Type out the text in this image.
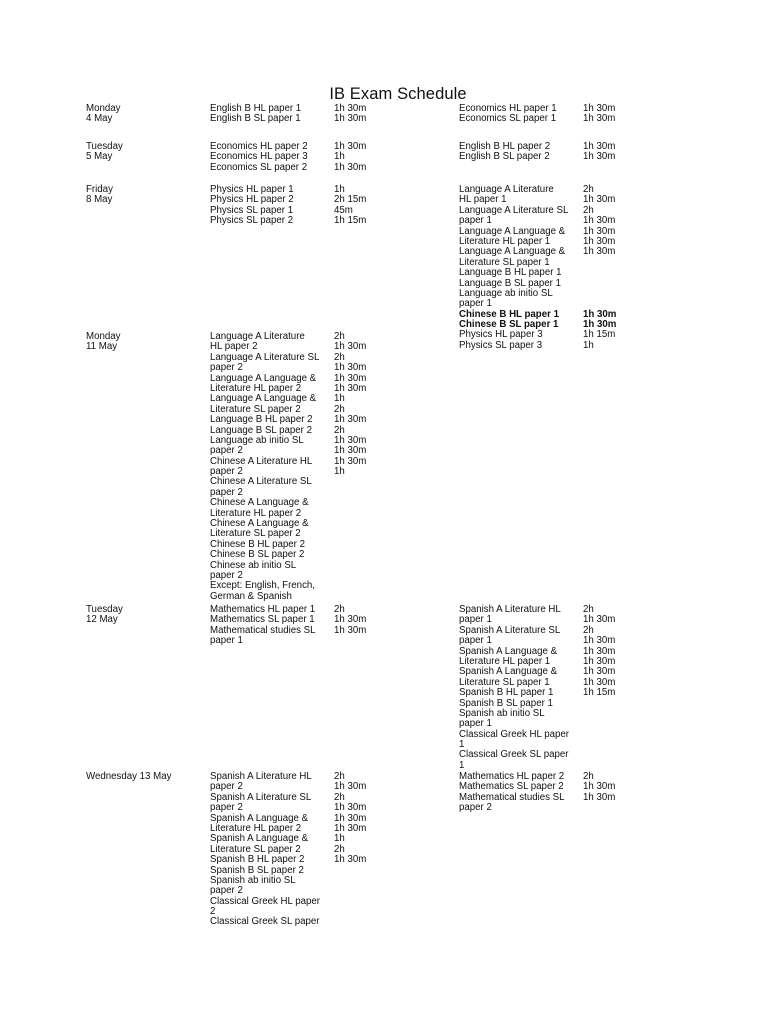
IB Exam Schedule
Monday
4 May
English B HL paper 1
English B SL paper 1
1h 30m
1h 30m
Economics HL paper 1
Economics SL paper 1
1h 30m
1h 30m
Tuesday
5 May
Economics HL paper 2
Economics HL paper 3
Economics SL paper 2
1h 30m
1h
1h 30m
English B HL paper 2
English B SL paper 2
1h 30m
1h 30m
Friday
8 May
Physics HL paper 1
Physics HL paper 2
Physics SL paper 1
Physics SL paper 2
1h
2h 15m
45m
1h 15m
Language A Literature
HL paper 1
Language A Literature SL
paper 1
Language A Language &
Literature HL paper 1
Language A Language &
Literature SL paper 1
Language B HL paper 1
Language B SL paper 1
Language ab initio SL
paper 1
Chinese B HL paper 1
Chinese B SL paper 1
Physics HL paper 3
Physics SL paper 3
2h
1h 30m
2h
1h 30m
1h 30m
1h 30m
1h 30m
1h 30m
1h 30m
1h 15m
1h
Monday
11 May
Language A Literature
HL paper 2
Language A Literature SL
paper 2
Language A Language &
Literature HL paper 2
Language A Language &
Literature SL paper 2
Language B HL paper 2
Language B SL paper 2
Language ab initio SL
paper 2
Chinese A Literature HL
paper 2
Chinese A Literature SL
paper 2
Chinese A Language &
Literature HL paper 2
Chinese A Language &
Literature SL paper 2
Chinese B HL paper 2
Chinese B SL paper 2
Chinese ab initio SL
paper 2
Except: English, French,
German & Spanish
2h
1h 30m
2h
1h 30m
1h 30m
1h 30m
1h
2h
1h 30m
2h
1h 30m
1h 30m
1h 30m
1h
Tuesday
12 May
Mathematics HL paper 1
Mathematics SL paper 1
Mathematical studies SL
paper 1
2h
1h 30m
1h 30m
Spanish A Literature HL
paper 1
Spanish A Literature SL
paper 1
Spanish A Language &
Literature HL paper 1
Spanish A Language &
Literature SL paper 1
Spanish B HL paper 1
Spanish B SL paper 1
Spanish ab initio SL
paper 1
Classical Greek HL paper
1
Classical Greek SL paper
1
2h
1h 30m
2h
1h 30m
1h 30m
1h 30m
1h 30m
1h 30m
1h 15m
Wednesday 13 May	Spanish A Literature HL
paper 2
Spanish A Literature SL
paper 2
Spanish A Language &
Literature HL paper 2
Spanish A Language &
Literature SL paper 2
Spanish B HL paper 2
Spanish B SL paper 2
Spanish ab initio SL
paper 2
Classical Greek HL paper
2
Classical Greek SL paper
2h
1h 30m
2h
1h 30m
1h 30m
1h 30m
1h
2h
1h 30m
Mathematics HL paper 2
Mathematics SL paper 2
Mathematical studies SL
paper 2
2h
1h 30m
1h 30m
